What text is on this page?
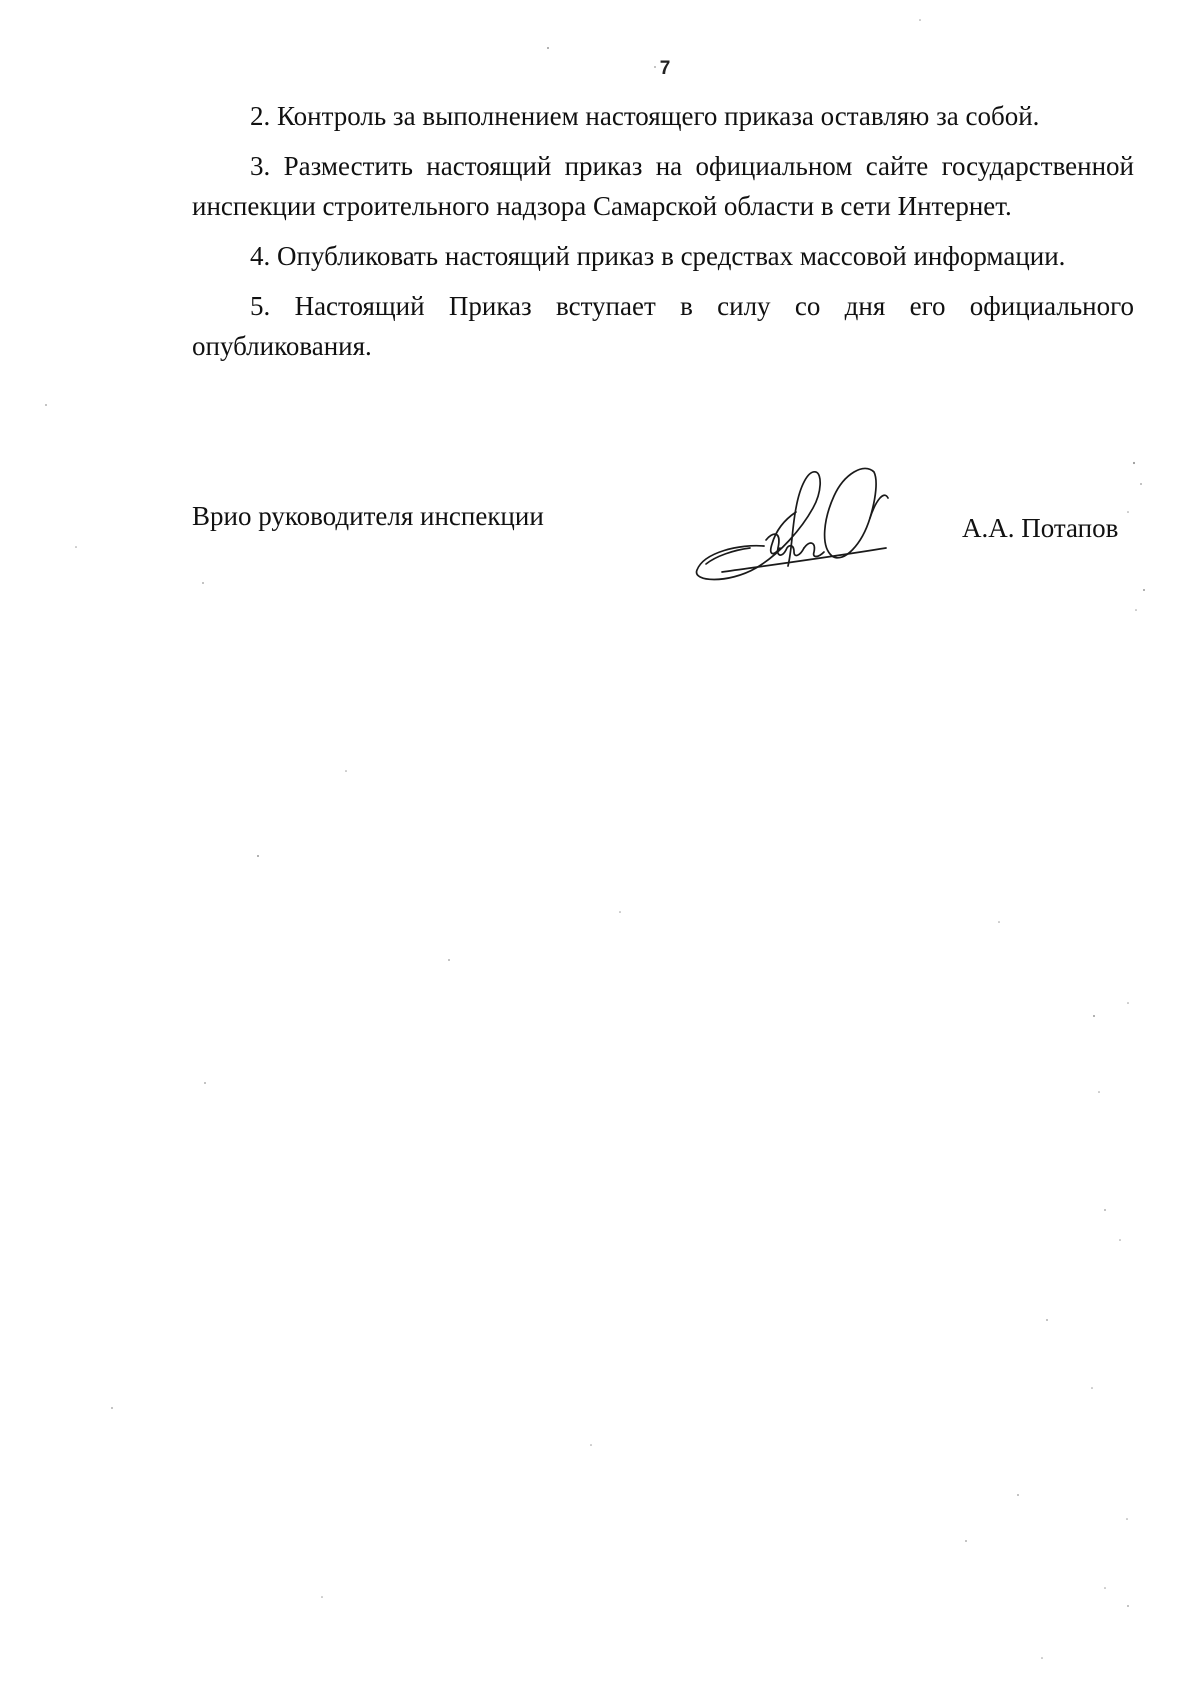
7

2. Контроль за выполнением настоящего приказа оставляю за собой.

3. Разместить настоящий приказ на официальном сайте государственной инспекции строительного надзора Самарской области в сети Интернет.

4. Опубликовать настоящий приказ в средствах массовой информации.

5. Настоящий Приказ вступает в силу со дня его официального опубликования.

Врио руководителя инспекции	А.А. Потапов
